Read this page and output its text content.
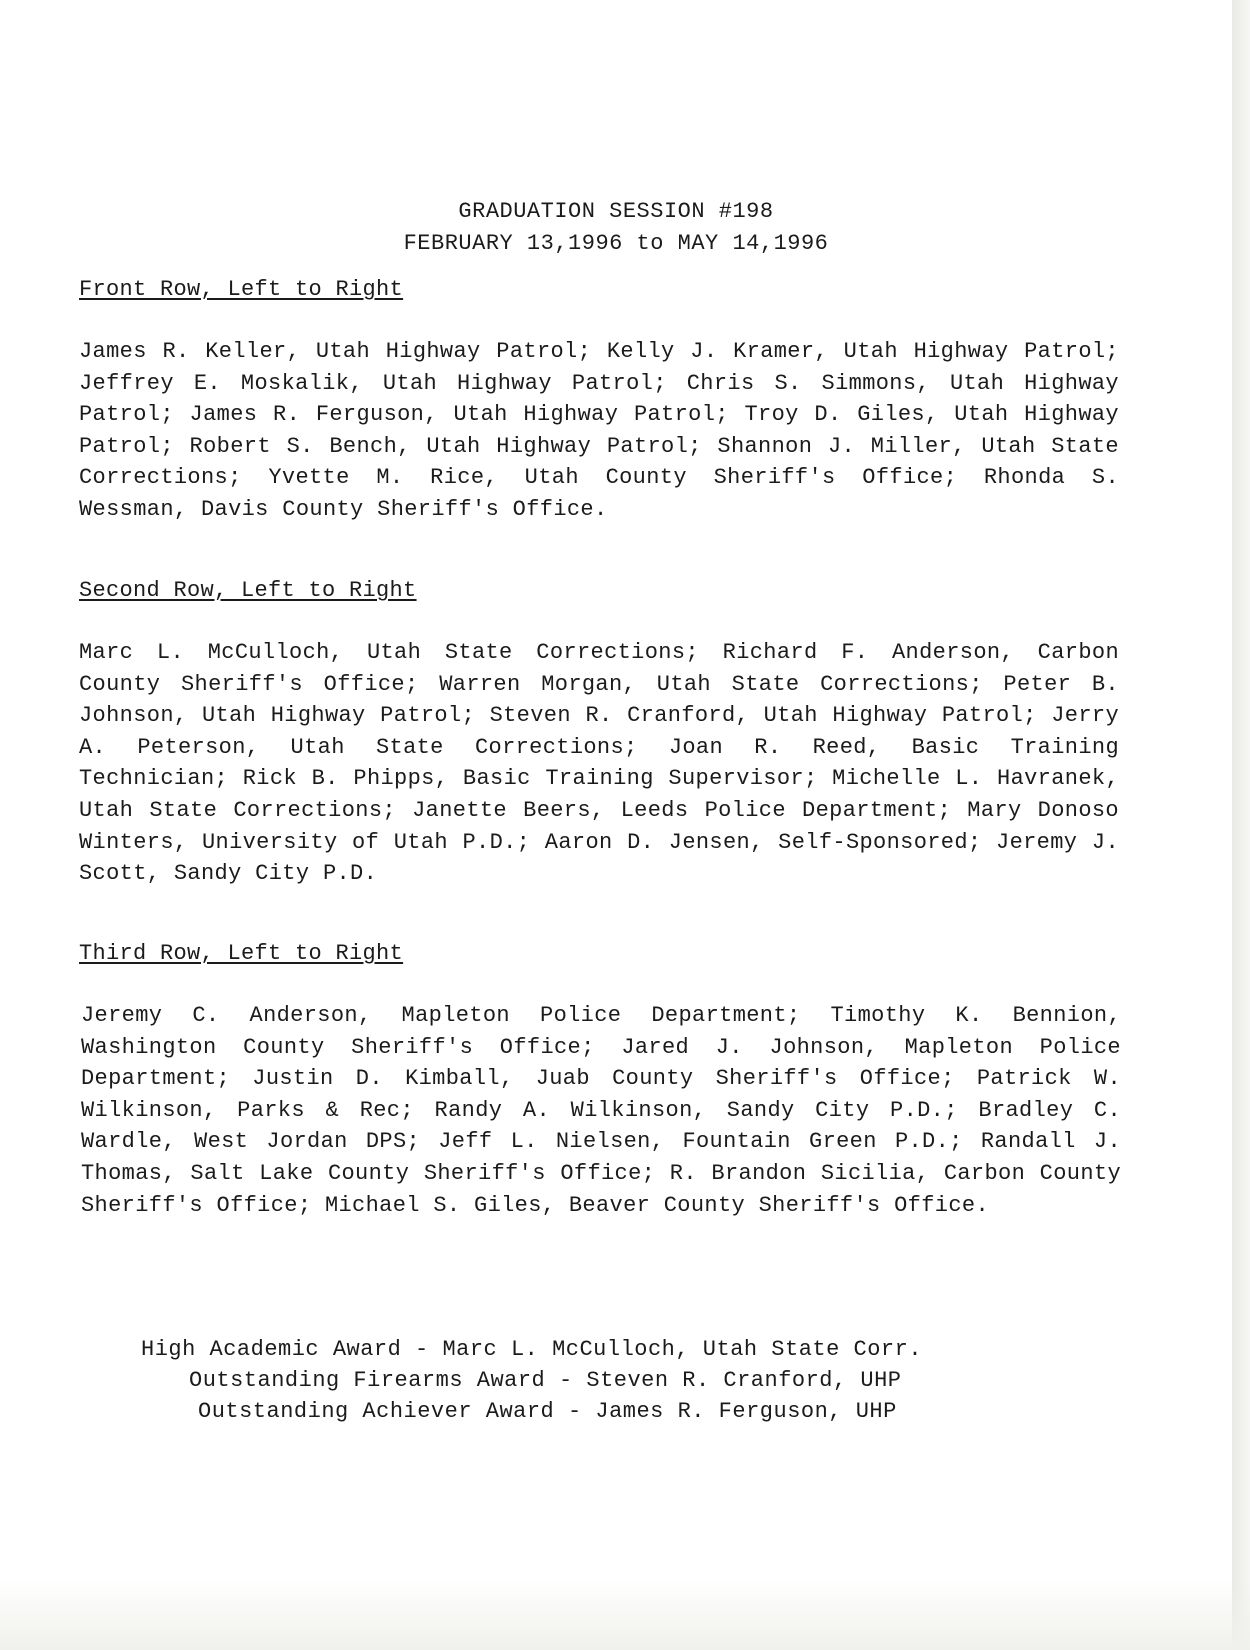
GRADUATION SESSION #198
FEBRUARY 13,1996 to MAY 14,1996
Front Row, Left to Right
James R. Keller, Utah Highway Patrol; Kelly J. Kramer, Utah Highway Patrol; Jeffrey E. Moskalik, Utah Highway Patrol; Chris S. Simmons, Utah Highway Patrol; James R. Ferguson, Utah Highway Patrol; Troy D. Giles, Utah Highway Patrol; Robert S. Bench, Utah Highway Patrol; Shannon J. Miller, Utah State Corrections; Yvette M. Rice, Utah County Sheriff's Office; Rhonda S. Wessman, Davis County Sheriff's Office.
Second Row, Left to Right
Marc L. McCulloch, Utah State Corrections; Richard F. Anderson, Carbon County Sheriff's Office; Warren Morgan, Utah State Corrections; Peter B. Johnson, Utah Highway Patrol; Steven R. Cranford, Utah Highway Patrol; Jerry A. Peterson, Utah State Corrections; Joan R. Reed, Basic Training Technician; Rick B. Phipps, Basic Training Supervisor; Michelle L. Havranek, Utah State Corrections; Janette Beers, Leeds Police Department; Mary Donoso Winters, University of Utah P.D.; Aaron D. Jensen, Self-Sponsored; Jeremy J. Scott, Sandy City P.D.
Third Row, Left to Right
Jeremy C. Anderson, Mapleton Police Department; Timothy K. Bennion, Washington County Sheriff's Office; Jared J. Johnson, Mapleton Police Department; Justin D. Kimball, Juab County Sheriff's Office; Patrick W. Wilkinson, Parks & Rec; Randy A. Wilkinson, Sandy City P.D.; Bradley C. Wardle, West Jordan DPS; Jeff L. Nielsen, Fountain Green P.D.; Randall J. Thomas, Salt Lake County Sheriff's Office; R. Brandon Sicilia, Carbon County Sheriff's Office; Michael S. Giles, Beaver County Sheriff's Office.
High Academic Award - Marc L. McCulloch, Utah State Corr.
Outstanding Firearms Award - Steven R. Cranford, UHP
Outstanding Achiever Award - James R. Ferguson, UHP
